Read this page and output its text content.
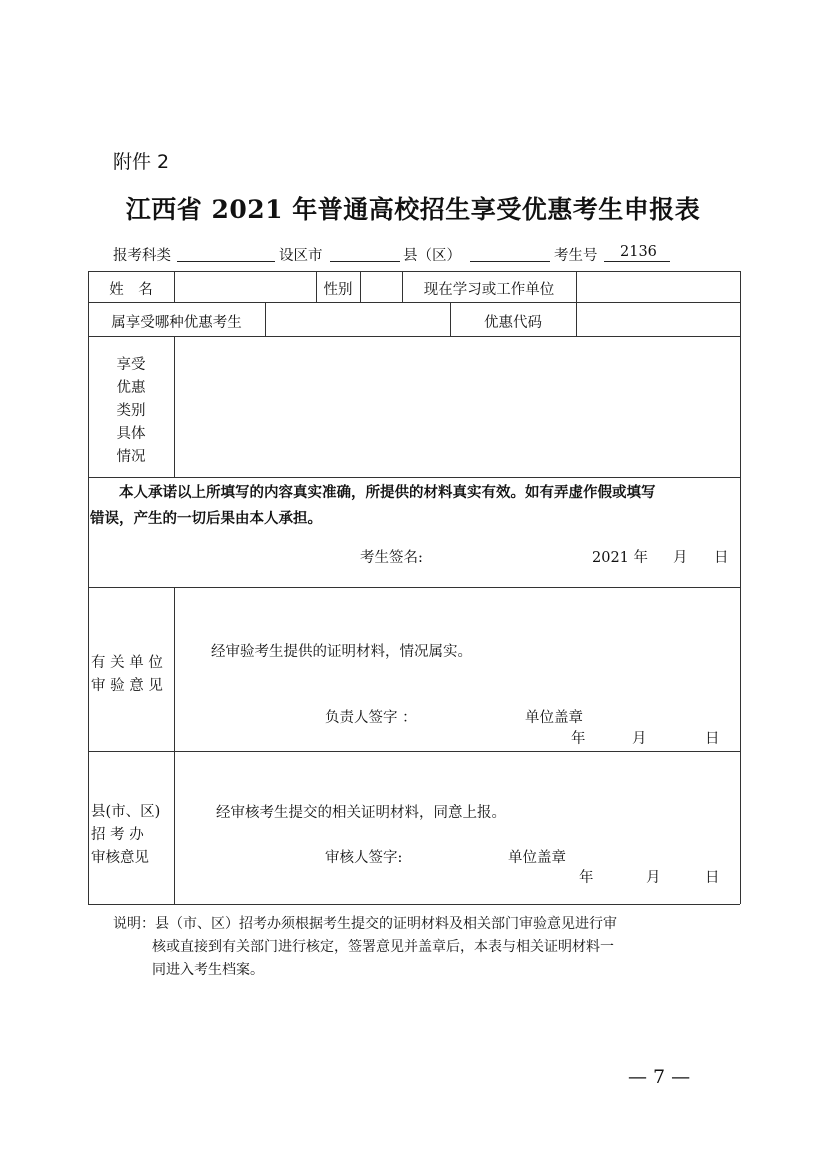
附件 2
江西省 2021 年普通高校招生享受优惠考生申报表
报考科类	设区市	县（区）	考生号 2136
姓　名	性别	现在学习或工作单位
属享受哪种优惠考生	优惠代码
享受
优惠
类别
具体
情况
本人承诺以上所填写的内容真实准确，所提供的材料真实有效。如有弄虚作假或填写
错误，产生的一切后果由本人承担。
考生签名:	2021 年 月 日
有 关 单 位
审 验 意 见
经审验考生提供的证明材料，情况属实。
负责人签字 ：	单位盖章
年	月	日
县(市、区)
招 考 办
审核意见
经审核考生提交的相关证明材料，同意上报。
审核人签字:	单位盖章
年	月	日
说明：县（市、区）招考办须根据考生提交的证明材料及相关部门审验意见进行审
核或直接到有关部门进行核定，签署意见并盖章后，本表与相关证明材料一
同进入考生档案。
— 7 —
